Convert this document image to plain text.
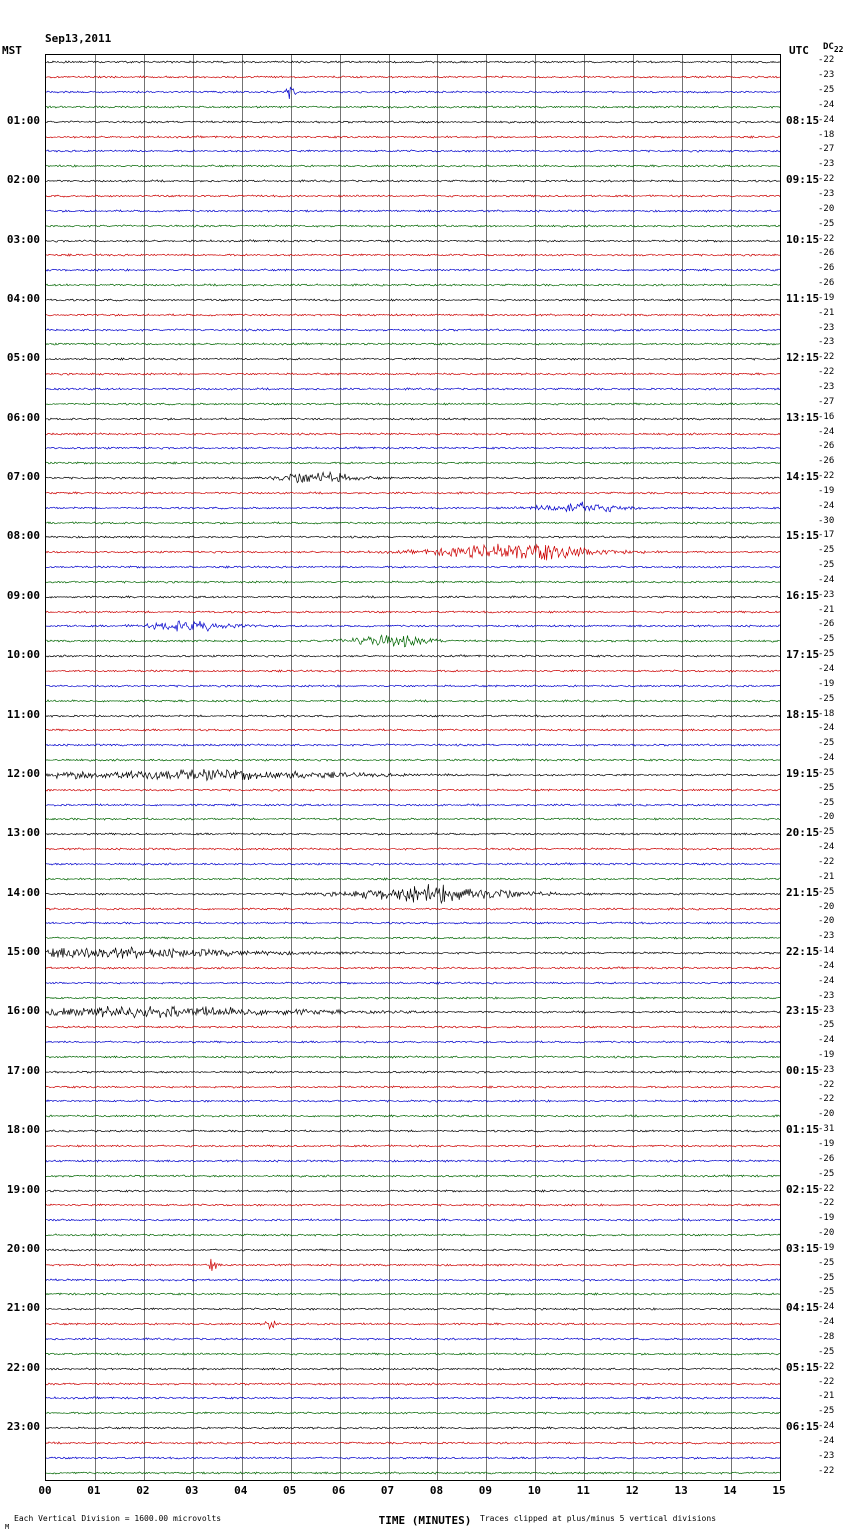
Sep13,2011

MST	UTC $DC_{22}$
00	01	02	03	04	05	06	07	08	09	10	11	12	13	14	15
TIME (MINUTES)
Each Vertical Division = 1600.00 microvolts	Traces clipped at plus/minus 5 vertical divisions
M
-22
-23
-25
-24
-24
-18
-27
-23
-22
-23
-20
-25
-22
-26
-26
-26
-19
-21
-23
-23
-22
-22
-23
-27
-16
-24
-26
-26
-22
-19
-24
-30
-17
-25
-25
-24
-23
-21
-26
-25
-25
-24
-19
-25
-18
-24
-25
-24
-25
-25
-25
-20
-25
-24
-22
-21
-25
-20
-20
-23
-14
-24
-24
-23
-23
-25
-24
-19
-23
-22
-22
-20
-31
-19
-26
-25
-22
-22
-19
-20
-19
-25
-25
-25
-24
-24
-28
-25
-22
-22
-21
-25
-24
-24
-23
-22
01:00	08:15
02:00	09:15
03:00	10:15
04:00	11:15
05:00	12:15
06:00	13:15
07:00	14:15
08:00	15:15
09:00	16:15
10:00	17:15
11:00	18:15
12:00	19:15
13:00	20:15
14:00	21:15
15:00	22:15
16:00	23:15
17:00	00:15
18:00	01:15
19:00	02:15
20:00	03:15
21:00	04:15
22:00	05:15
23:00	06:15
